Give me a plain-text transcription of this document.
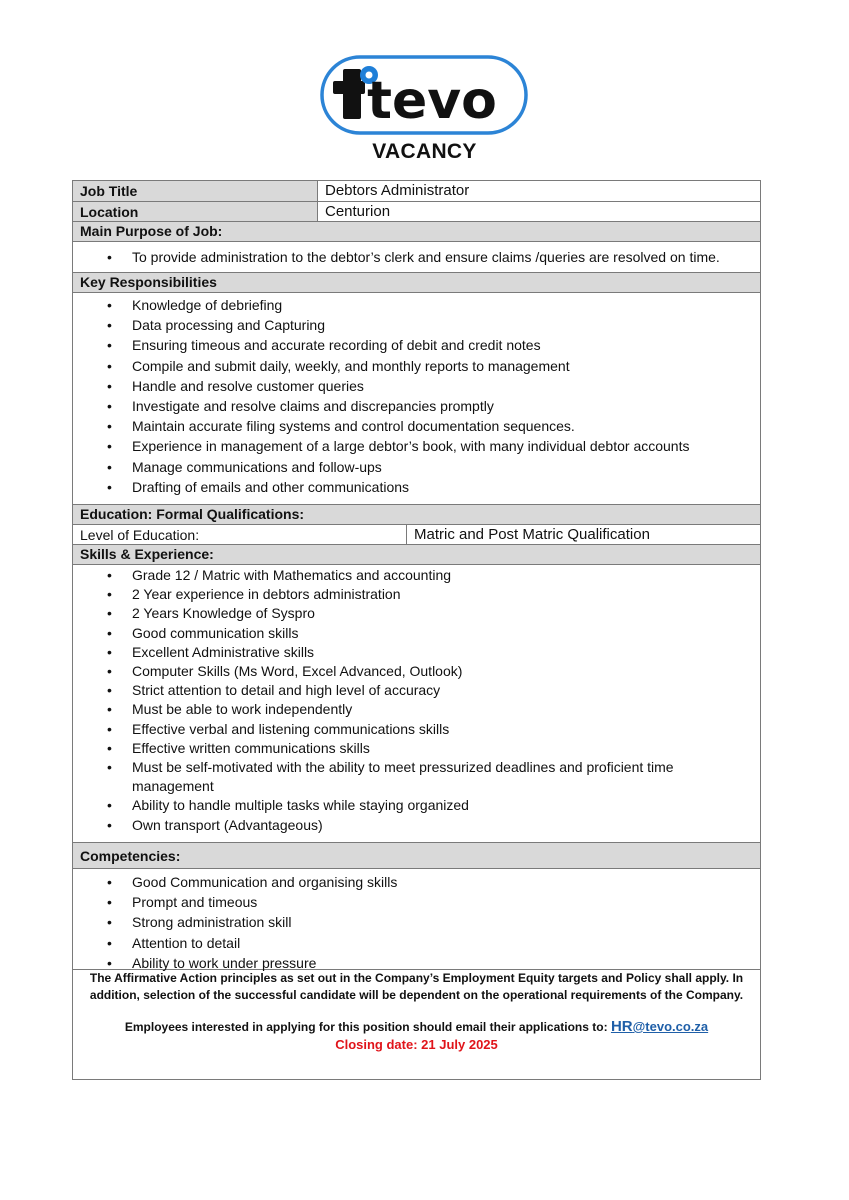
tevo
VACANCY
Job Title	Debtors Administrator
Location	Centurion
Main Purpose of Job:
• To provide administration to the debtor’s clerk and ensure claims /queries are resolved on time.
Key Responsibilities
• Knowledge of debriefing
• Data processing and Capturing
• Ensuring timeous and accurate recording of debit and credit notes
• Compile and submit daily, weekly, and monthly reports to management
• Handle and resolve customer queries
• Investigate and resolve claims and discrepancies promptly
• Maintain accurate filing systems and control documentation sequences.
• Experience in management of a large debtor’s book, with many individual debtor accounts
• Manage communications and follow-ups
• Drafting of emails and other communications
Education: Formal Qualifications:
Level of Education:	Matric and Post Matric Qualification
Skills & Experience:
• Grade 12 / Matric with Mathematics and accounting
• 2 Year experience in debtors administration
• 2 Years Knowledge of Syspro
• Good communication skills
• Excellent Administrative skills
• Computer Skills (Ms Word, Excel Advanced, Outlook)
• Strict attention to detail and high level of accuracy
• Must be able to work independently
• Effective verbal and listening communications skills
• Effective written communications skills
• Must be self-motivated with the ability to meet pressurized deadlines and proficient time management
• Ability to handle multiple tasks while staying organized
• Own transport (Advantageous)
Competencies:
• Good Communication and organising skills
• Prompt and timeous
• Strong administration skill
• Attention to detail
• Ability to work under pressure
The Affirmative Action principles as set out in the Company’s Employment Equity targets and Policy shall apply. In addition, selection of the successful candidate will be dependent on the operational requirements of the Company.
Employees interested in applying for this position should email their applications to: HR@tevo.co.za
Closing date: 21 July 2025
